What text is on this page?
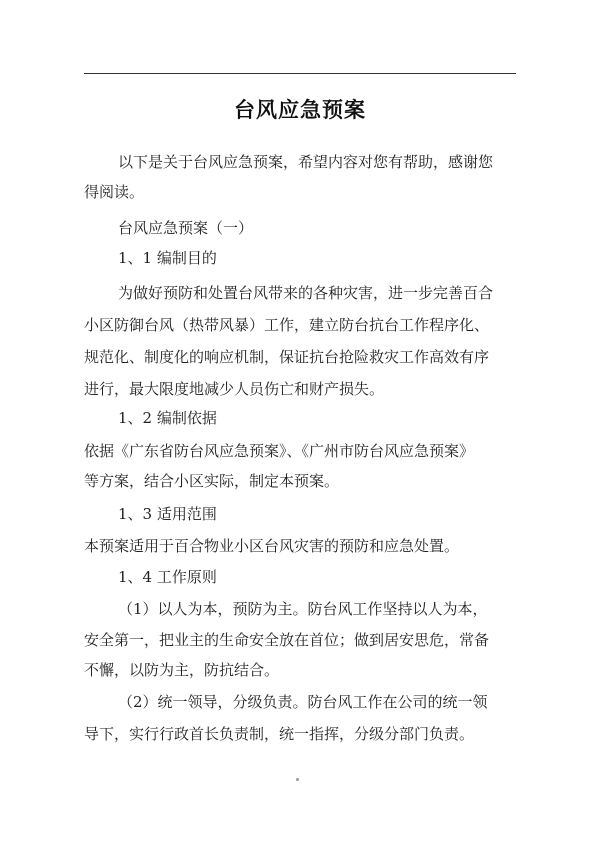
台风应急预案
以下是关于台风应急预案，希望内容对您有帮助，感谢您
得阅读。
台风应急预案（一）
1、1 编制目的
为做好预防和处置台风带来的各种灾害，进一步完善百合
小区防御台风（热带风暴）工作，建立防台抗台工作程序化、
规范化、制度化的响应机制，保证抗台抢险救灾工作高效有序
进行，最大限度地减少人员伤亡和财产损失。
1、2 编制依据
依据《广东省防台风应急预案》、《广州市防台风应急预案》
等方案，结合小区实际，制定本预案。
1、3 适用范围
本预案适用于百合物业小区台风灾害的预防和应急处置。
1、4 工作原则
（1）以人为本，预防为主。防台风工作坚持以人为本，
安全第一，把业主的生命安全放在首位；做到居安思危，常备
不懈，以防为主，防抗结合。
（2）统一领导，分级负责。防台风工作在公司的统一领
导下，实行行政首长负责制，统一指挥，分级分部门负责。
